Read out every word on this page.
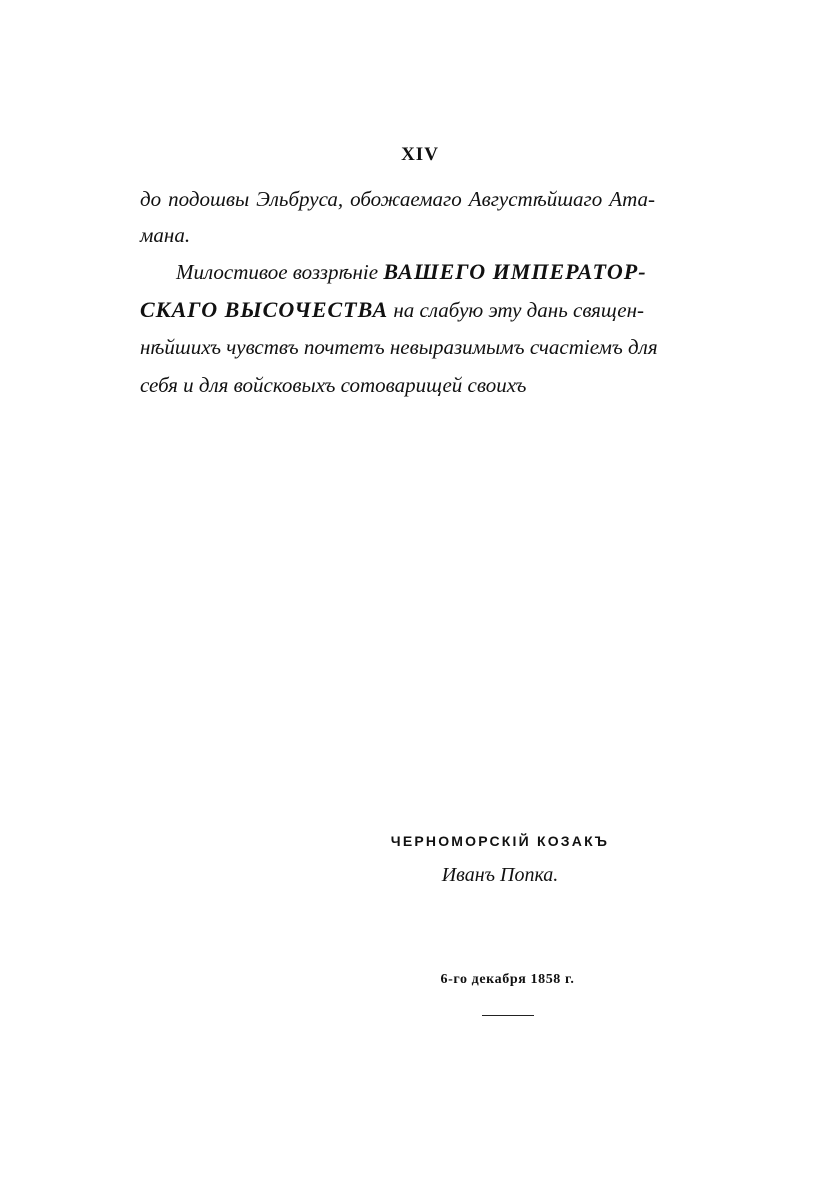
XIV
до подошвы Эльбруса, обожаемаго Августѣйшаго Ата-
мана.
Милостивое воззрѣніе ВАШЕГО ИМПЕРАТОР-
СКАГО ВЫСОЧЕСТВА на слабую эту дань священ-
нѣйшихъ чувствъ почтетъ невыразимымъ счастіемъ для
себя и для войсковыхъ сотоварищей своихъ
ЧЕРНОМОРСКІЙ КОЗАКЪ
Иванъ Попка.
6-го декабря 1858 г.
